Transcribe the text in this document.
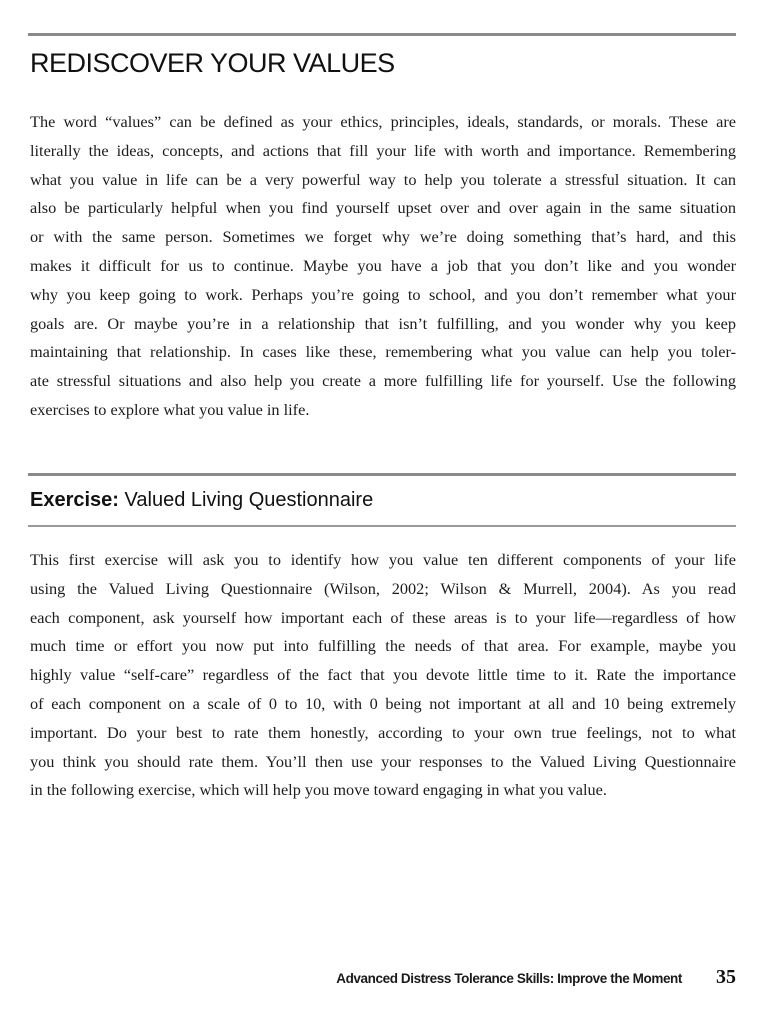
REDISCOVER YOUR VALUES
The word “values” can be defined as your ethics, principles, ideals, standards, or morals. These are
literally the ideas, concepts, and actions that fill your life with worth and importance. Remembering
what you value in life can be a very powerful way to help you tolerate a stressful situation. It can
also be particularly helpful when you find yourself upset over and over again in the same situation
or with the same person. Sometimes we forget why we’re doing something that’s hard, and this
makes it difficult for us to continue. Maybe you have a job that you don’t like and you wonder
why you keep going to work. Perhaps you’re going to school, and you don’t remember what your
goals are. Or maybe you’re in a relationship that isn’t fulfilling, and you wonder why you keep
maintaining that relationship. In cases like these, remembering what you value can help you toler-
ate stressful situations and also help you create a more fulfilling life for yourself. Use the following
exercises to explore what you value in life.
Exercise: Valued Living Questionnaire
This first exercise will ask you to identify how you value ten different components of your life
using the Valued Living Questionnaire (Wilson, 2002; Wilson & Murrell, 2004). As you read
each component, ask yourself how important each of these areas is to your life—regardless of how
much time or effort you now put into fulfilling the needs of that area. For example, maybe you
highly value “self-care” regardless of the fact that you devote little time to it. Rate the importance
of each component on a scale of 0 to 10, with 0 being not important at all and 10 being extremely
important. Do your best to rate them honestly, according to your own true feelings, not to what
you think you should rate them. You’ll then use your responses to the Valued Living Questionnaire
in the following exercise, which will help you move toward engaging in what you value.
Advanced Distress Tolerance Skills: Improve the Moment 35
